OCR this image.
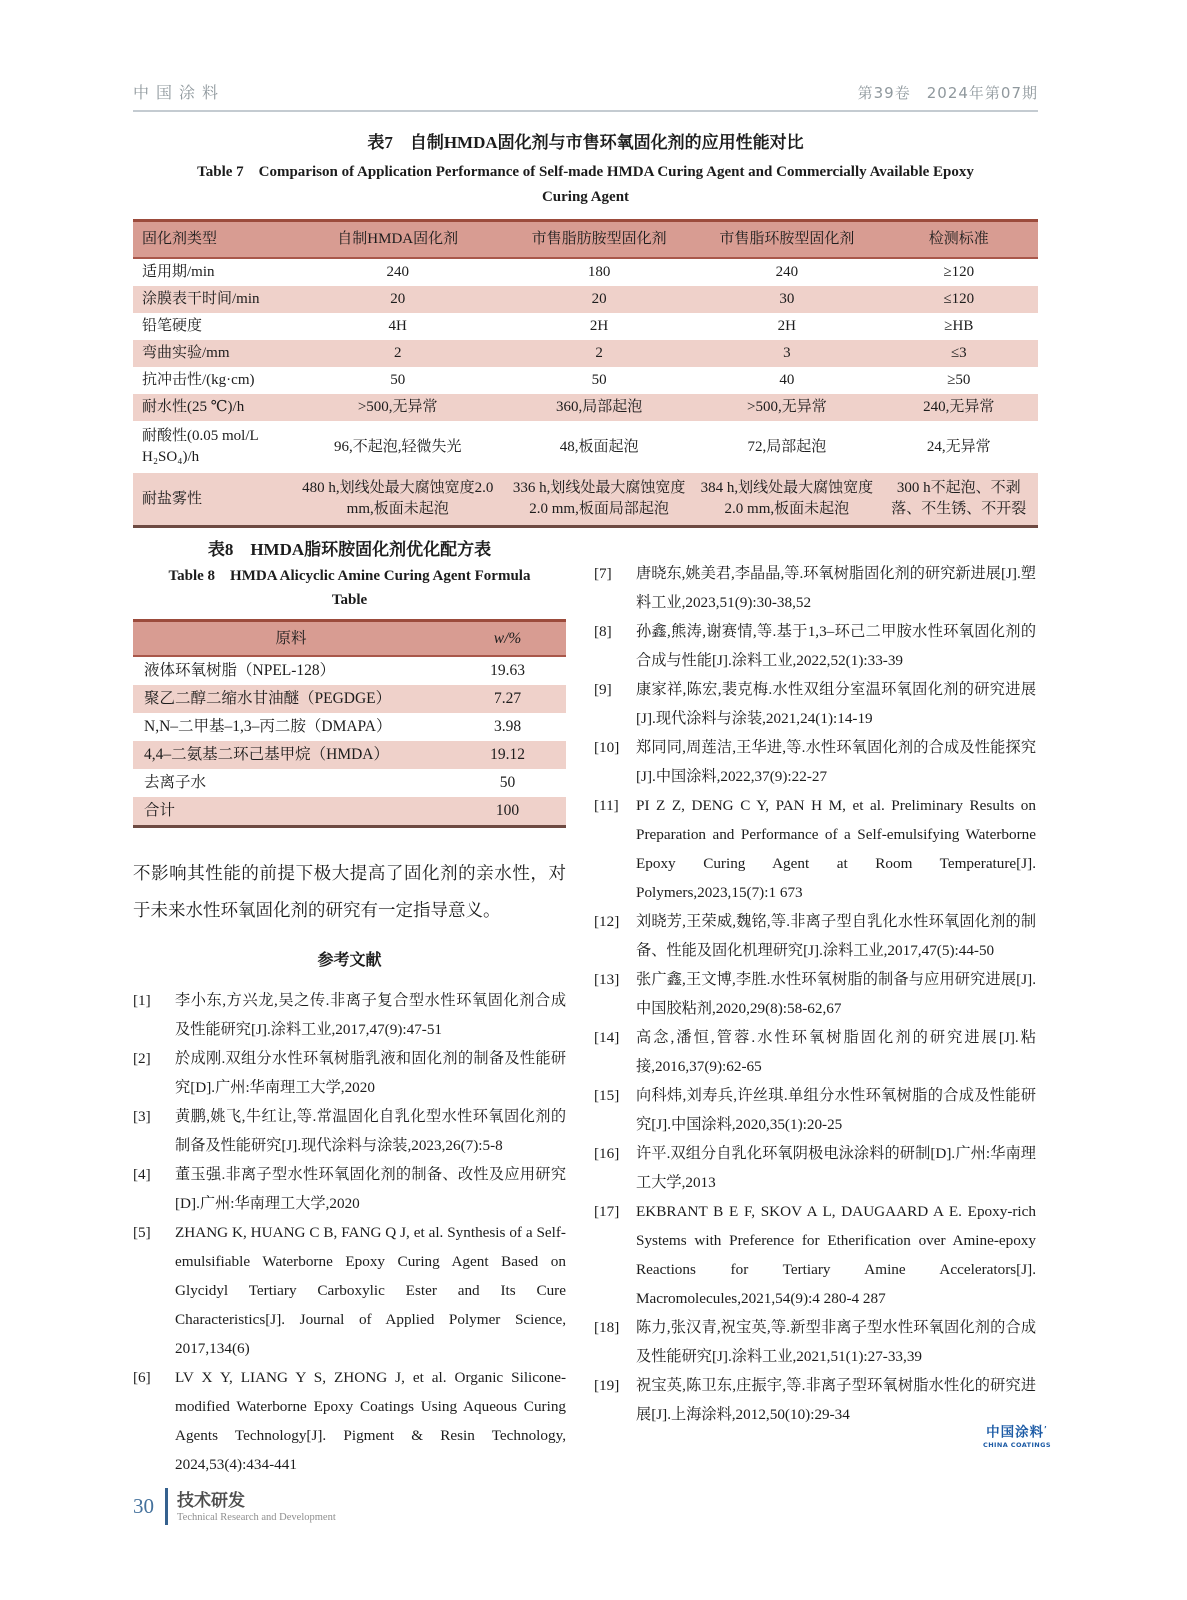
中国涂料	第39卷　2024年第07期

表7　自制HMDA固化剂与市售环氧固化剂的应用性能对比

Table 7　Comparison of Application Performance of Self-made HMDA Curing Agent and Commercially Available Epoxy

Curing Agent

固化剂类型	自制HMDA固化剂	市售脂肪胺型固化剂	市售脂环胺型固化剂	检测标准
适用期/min	240	180	240	≥120
涂膜表干时间/min	20	20	30	≤120
铅笔硬度	4H	2H	2H	≥HB
弯曲实验/mm	2	2	3	≤3
抗冲击性/(kg·cm)	50	50	40	≥50
耐水性(25 ℃)/h	>500,无异常	360,局部起泡	>500,无异常	240,无异常
耐酸性(0.05 mol/L H₂SO₄)/h	96,不起泡,轻微失光	48,板面起泡	72,局部起泡	24,无异常
耐盐雾性	480 h,划线处最大腐蚀宽度2.0 mm,板面未起泡	336 h,划线处最大腐蚀宽度2.0 mm,板面局部起泡	384 h,划线处最大腐蚀宽度2.0 mm,板面未起泡	300 h不起泡、不剥落、不生锈、不开裂

表8　HMDA脂环胺固化剂优化配方表

Table 8　HMDA Alicyclic Amine Curing Agent Formula

Table

原料	w/%
液体环氧树脂（NPEL-128）	19.63
聚乙二醇二缩水甘油醚（PEGDGE）	7.27
N,N–二甲基–1,3–丙二胺（DMAPA）	3.98
4,4–二氨基二环己基甲烷（HMDA）	19.12
去离子水	50
合计	100

不影响其性能的前提下极大提高了固化剂的亲水性，对于未来水性环氧固化剂的研究有一定指导意义。

参考文献

[1]	李小东,方兴龙,吴之传.非离子复合型水性环氧固化剂合成及性能研究[J].涂料工业,2017,47(9):47-51
[2]	於成刚.双组分水性环氧树脂乳液和固化剂的制备及性能研究[D].广州:华南理工大学,2020
[3]	黄鹏,姚飞,牛红让,等.常温固化自乳化型水性环氧固化剂的制备及性能研究[J].现代涂料与涂装,2023,26(7):5-8
[4]	董玉强.非离子型水性环氧固化剂的制备、改性及应用研究[D].广州:华南理工大学,2020
[5]	ZHANG K, HUANG C B, FANG Q J, et al. Synthesis of a Self-emulsifiable Waterborne Epoxy Curing Agent Based on Glycidyl Tertiary Carboxylic Ester and Its Cure Characteristics[J]. Journal of Applied Polymer Science, 2017,134(6)
[6]	LV X Y, LIANG Y S, ZHONG J, et al. Organic Silicone-modified Waterborne Epoxy Coatings Using Aqueous Curing Agents Technology[J]. Pigment & Resin Technology, 2024,53(4):434-441
[7]	唐晓东,姚美君,李晶晶,等.环氧树脂固化剂的研究新进展[J].塑料工业,2023,51(9):30-38,52
[8]	孙鑫,熊涛,谢赛情,等.基于1,3–环己二甲胺水性环氧固化剂的合成与性能[J].涂料工业,2022,52(1):33-39
[9]	康家祥,陈宏,裴克梅.水性双组分室温环氧固化剂的研究进展[J].现代涂料与涂装,2021,24(1):14-19
[10]	郑同同,周莲洁,王华进,等.水性环氧固化剂的合成及性能探究[J].中国涂料,2022,37(9):22-27
[11]	PI Z Z, DENG C Y, PAN H M, et al. Preliminary Results on Preparation and Performance of a Self-emulsifying Waterborne Epoxy Curing Agent at Room Temperature[J]. Polymers,2023,15(7):1 673
[12]	刘晓芳,王荣威,魏铭,等.非离子型自乳化水性环氧固化剂的制备、性能及固化机理研究[J].涂料工业,2017,47(5):44-50
[13]	张广鑫,王文博,李胜.水性环氧树脂的制备与应用研究进展[J].中国胶粘剂,2020,29(8):58-62,67
[14]	高念,潘恒,管蓉.水性环氧树脂固化剂的研究进展[J].粘接,2016,37(9):62-65
[15]	向科炜,刘寿兵,许丝琪.单组分水性环氧树脂的合成及性能研究[J].中国涂料,2020,35(1):20-25
[16]	许平.双组分自乳化环氧阴极电泳涂料的研制[D].广州:华南理工大学,2013
[17]	EKBRANT B E F, SKOV A L, DAUGAARD A E. Epoxy-rich Systems with Preference for Etherification over Amine-epoxy Reactions for Tertiary Amine Accelerators[J]. Macromolecules,2021,54(9):4 280-4 287
[18]	陈力,张汉青,祝宝英,等.新型非离子型水性环氧固化剂的合成及性能研究[J].涂料工业,2021,51(1):27-33,39
[19]	祝宝英,陈卫东,庄振宇,等.非离子型环氧树脂水性化的研究进展[J].上海涂料,2012,50(10):29-34
中国涂料’
CHINA COATINGS
30 技术研发
Technical Research and Development
